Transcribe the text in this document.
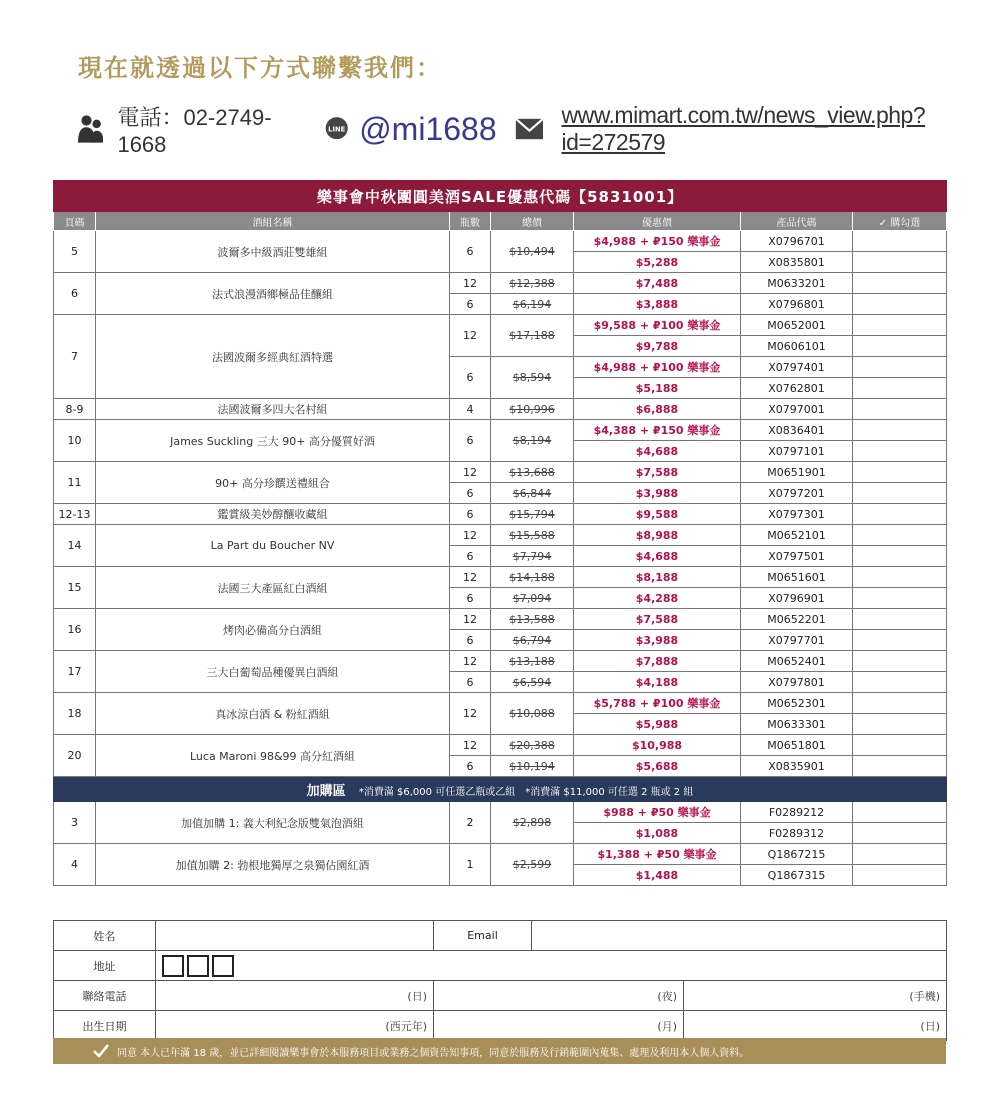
現在就透過以下方式聯繫我們：
電話：02-2749-1668
LINE @mi1688	www.mimart.com.tw/news_view.php?id=272579
樂事會中秋團圓美酒SALE優惠代碼【5831001】						
頁碼	酒組名稱	瓶數	總價	優惠價	產品代碼	✓ 購勾選
5	波爾多中級酒莊雙雄組	6	$10,494	$4,988 + ₽150 樂事金	X0796701	
				$5,288	X0835801	
6	法式浪漫酒鄉極品佳釀組	12	$12,388	$7,488	M0633201	
		6	$6,194	$3,888	X0796801	
7	法國波爾多經典紅酒特選	12	$17,188	$9,588 + ₽100 樂事金	M0652001	
				$9,788	M0606101	
		6	$8,594	$4,988 + ₽100 樂事金	X0797401	
				$5,188	X0762801	
8-9	法國波爾多四大名村組	4	$10,996	$6,888	X0797001	
10	James Suckling 三大 90+ 高分優質好酒	6	$8,194	$4,388 + ₽150 樂事金	X0836401	
				$4,688	X0797101	
11	90+ 高分珍饌送禮組合	12	$13,688	$7,588	M0651901	
		6	$6,844	$3,988	X0797201	
12-13	鑑賞級美妙醇釀收藏組	6	$15,794	$9,588	X0797301	
14	La Part du Boucher NV	12	$15,588	$8,988	M0652101	
		6	$7,794	$4,688	X0797501	
15	法國三大產區紅白酒組	12	$14,188	$8,188	M0651601	
		6	$7,094	$4,288	X0796901	
16	烤肉必備高分白酒組	12	$13,588	$7,588	M0652201	
		6	$6,794	$3,988	X0797701	
17	三大白葡萄品種優異白酒組	12	$13,188	$7,888	M0652401	
		6	$6,594	$4,188	X0797801	
18	真冰涼白酒 & 粉紅酒組	12	$10,088	$5,788 + ₽100 樂事金	M0652301	
				$5,988	M0633301	
20	Luca Maroni 98&99 高分紅酒組	12	$20,388	$10,988	M0651801	
		6	$10,194	$5,688	X0835901	
加購區 *消費滿 $6,000 可任選乙瓶或乙組　*消費滿 $11,000 可任選 2 瓶或 2 組						
3	加值加購 1: 義大利紀念版雙氣泡酒組	2	$2,898	$988 + ₽50 樂事金	F0289212	
				$1,088	F0289312	
4	加值加購 2: 勃根地獨厚之泉獨佔園紅酒	1	$2,599	$1,388 + ₽50 樂事金	Q1867215	
				$1,488	Q1867315	
姓名		Email		
地址				
聯絡電話	(日)	(夜)		(手機)
出生日期	(西元年)	(月)		(日)
同意 本人已年滿 18 歲，並已詳細閱讀樂事會於本服務項目或業務之個資告知事項，同意於服務及行銷範圍內蒐集、處理及利用本人個人資料。
